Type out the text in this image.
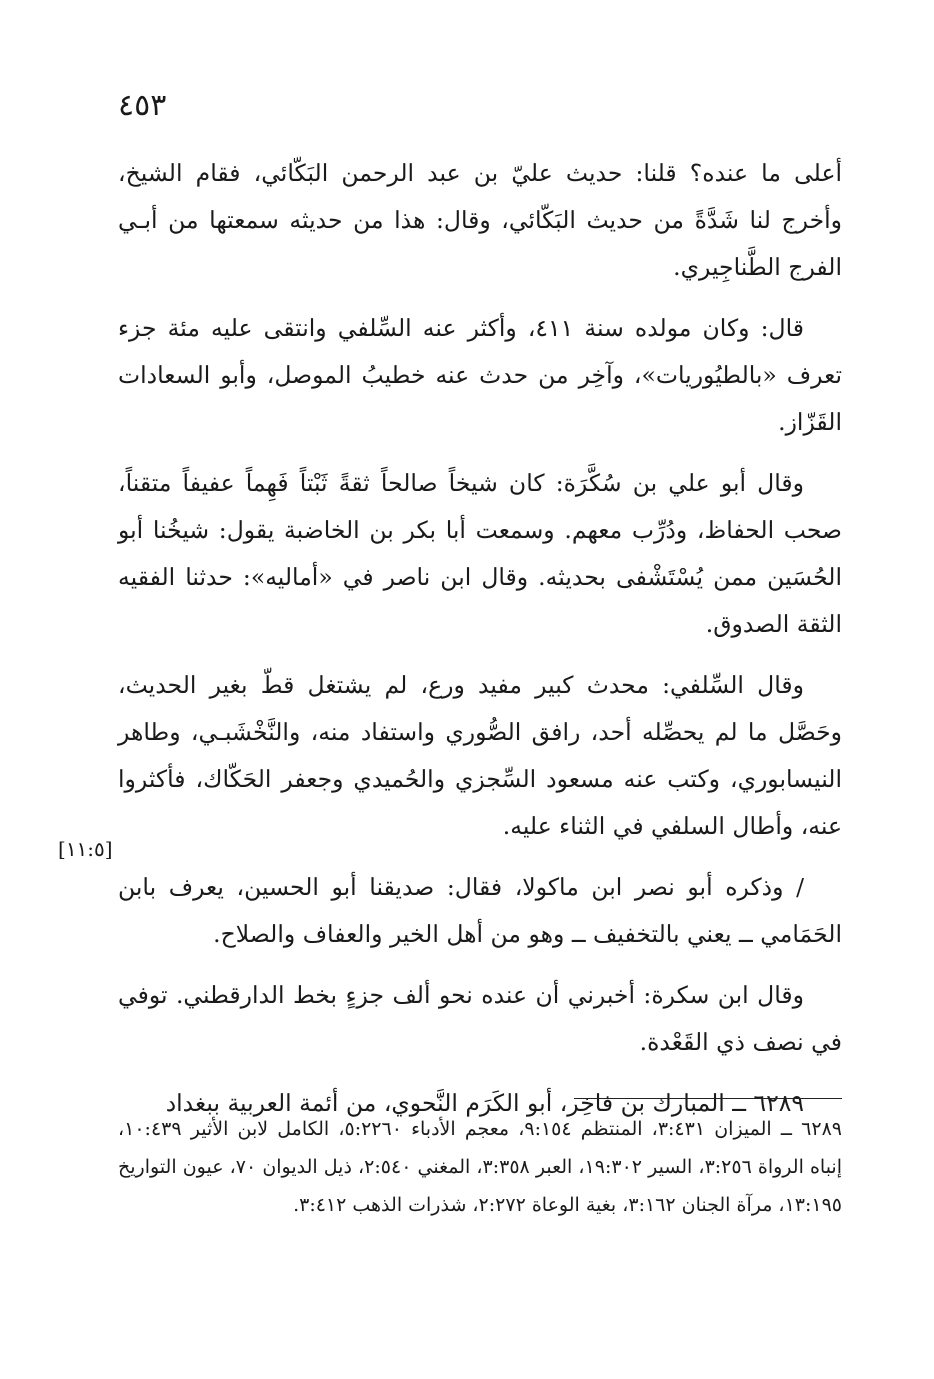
٤٥٣

أعلى ما عنده؟ قلنا: حديث عليّ بن عبد الرحمن البَكّائي، فقام الشيخ، وأخرج لنا شَدَّةً من حديث البَكّائي، وقال: هذا من حديثه سمعتها من أبـي الفرج الطَّناجِيري.

قال: وكان مولده سنة ٤١١، وأكثر عنه السِّلفي وانتقى عليه مئة جزء تعرف «بالطيُوريات»، وآخِر من حدث عنه خطيبُ الموصل، وأبو السعادات القَزّاز.

وقال أبو علي بن سُكَّرَة: كان شيخاً صالحاً ثقةً ثَبْتاً فَهِماً عفيفاً متقناً، صحب الحفاظ، ودُرِّب معهم. وسمعت أبا بكر بن الخاضبة يقول: شيخُنا أبو الحُسَين ممن يُسْتَشْفى بحديثه. وقال ابن ناصر في «أماليه»: حدثنا الفقيه الثقة الصدوق.

وقال السِّلفي: محدث كبير مفيد ورع، لم يشتغل قطّ بغير الحديث، وحَصَّل ما لم يحصِّله أحد، رافق الصُّوري واستفاد منه، والنَّخْشَبـي، وطاهر النيسابوري، وكتب عنه مسعود السِّجزي والحُميدي وجعفر الحَكّاك، فأكثروا عنه، وأطال السلفي في الثناء عليه.

/ وذكره أبو نصر ابن ماكولا، فقال: صديقنا أبو الحسين، يعرف بابن الحَمَامي ــ يعني بالتخفيف ــ وهو من أهل الخير والعفاف والصلاح.

وقال ابن سكرة: أخبرني أن عنده نحو ألف جزءٍ بخط الدارقطني. توفي في نصف ذي القَعْدة.

٦٢٨٩ ــ المبارك بن فاخِر، أبو الكَرَم النَّحوي، من أئمة العربية ببغداد

[١١:٥]
٦٢٨٩ ــ الميزان ٣:٤٣١، المنتظم ٩:١٥٤، معجم الأدباء ٥:٢٢٦٠، الكامل لابن الأثير ١٠:٤٣٩، إنباه الرواة ٣:٢٥٦، السير ١٩:٣٠٢، العبر ٣:٣٥٨، المغني ٢:٥٤٠، ذيل الديوان ٧٠، عيون التواريخ ١٣:١٩٥، مرآة الجنان ٣:١٦٢، بغية الوعاة ٢:٢٧٢، شذرات الذهب ٣:٤١٢.
